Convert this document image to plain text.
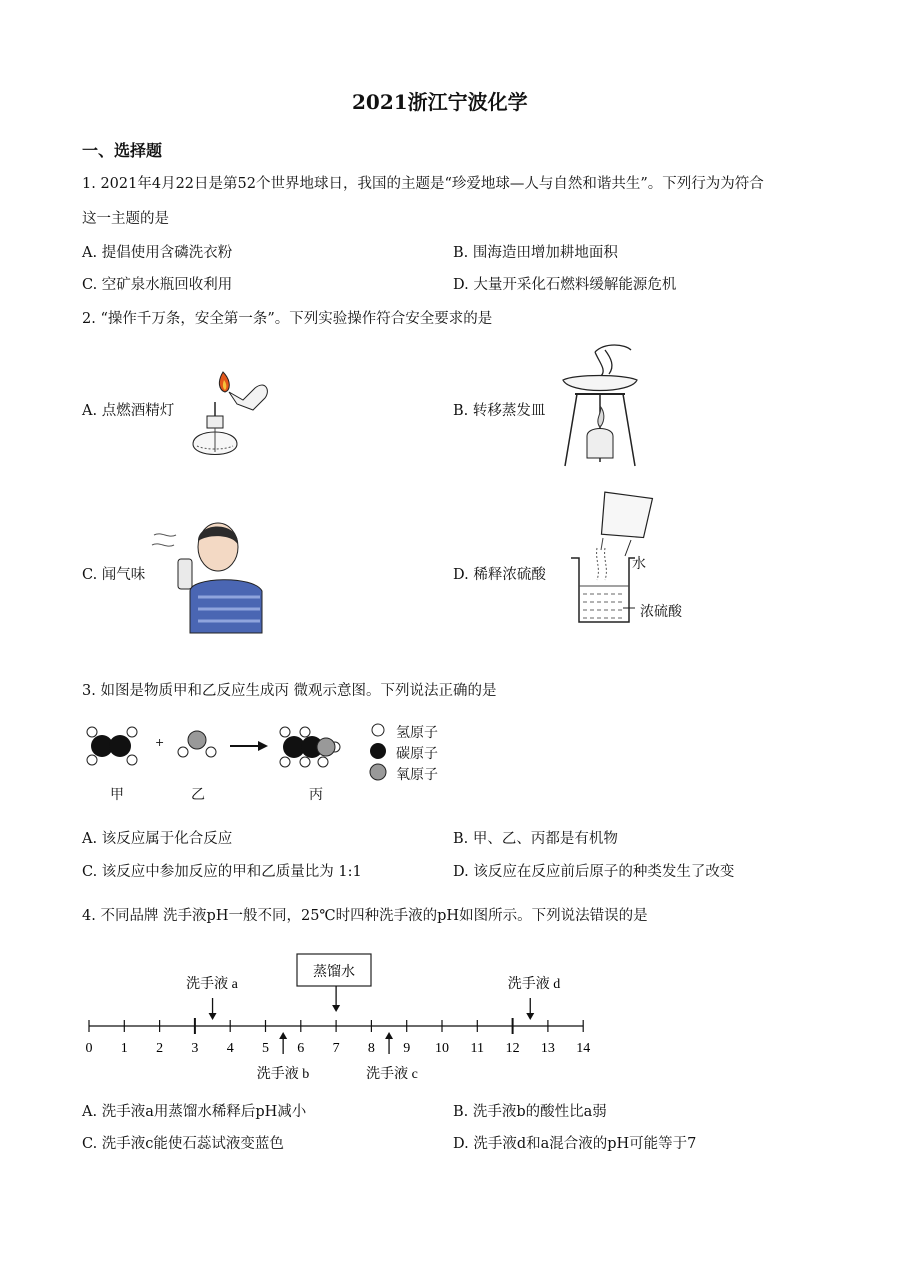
2021浙江宁波化学
一、选择题
1. 2021年4月22日是第52个世界地球日，我国的主题是“珍爱地球—人与自然和谐共生”。下列行为为符合
这一主题的是
A. 提倡使用含磷洗衣粉	B. 围海造田增加耕地面积
C. 空矿泉水瓶回收利用	D. 大量开采化石燃料缓解能源危机
2. “操作千万条，安全第一条”。下列实验操作符合安全要求的是
A. 点燃酒精灯	B. 转移蒸发皿
C. 闻气味	D. 稀释浓硫酸
水
浓硫酸
3. 如图是物质甲和乙反应生成丙 微观示意图。下列说法正确的是
+
氢原子
碳原子
氧原子
甲	乙	丙
A. 该反应属于化合反应	B. 甲、乙、丙都是有机物
C. 该反应中参加反应的甲和乙质量比为 1:1	D. 该反应在反应前后原子的种类发生了改变
4. 不同品牌 洗手液pH一般不同，25℃时四种洗手液的pH如图所示。下列说法错误的是
蒸馏水
洗手液 a	洗手液 d
洗手液 b	洗手液 c
0 1 2 3 4 5 6 7 8 9 10 11 12 13 14
A. 洗手液a用蒸馏水稀释后pH减小	B. 洗手液b的酸性比a弱
C. 洗手液c能使石蕊试液变蓝色	D. 洗手液d和a混合液的pH可能等于7
